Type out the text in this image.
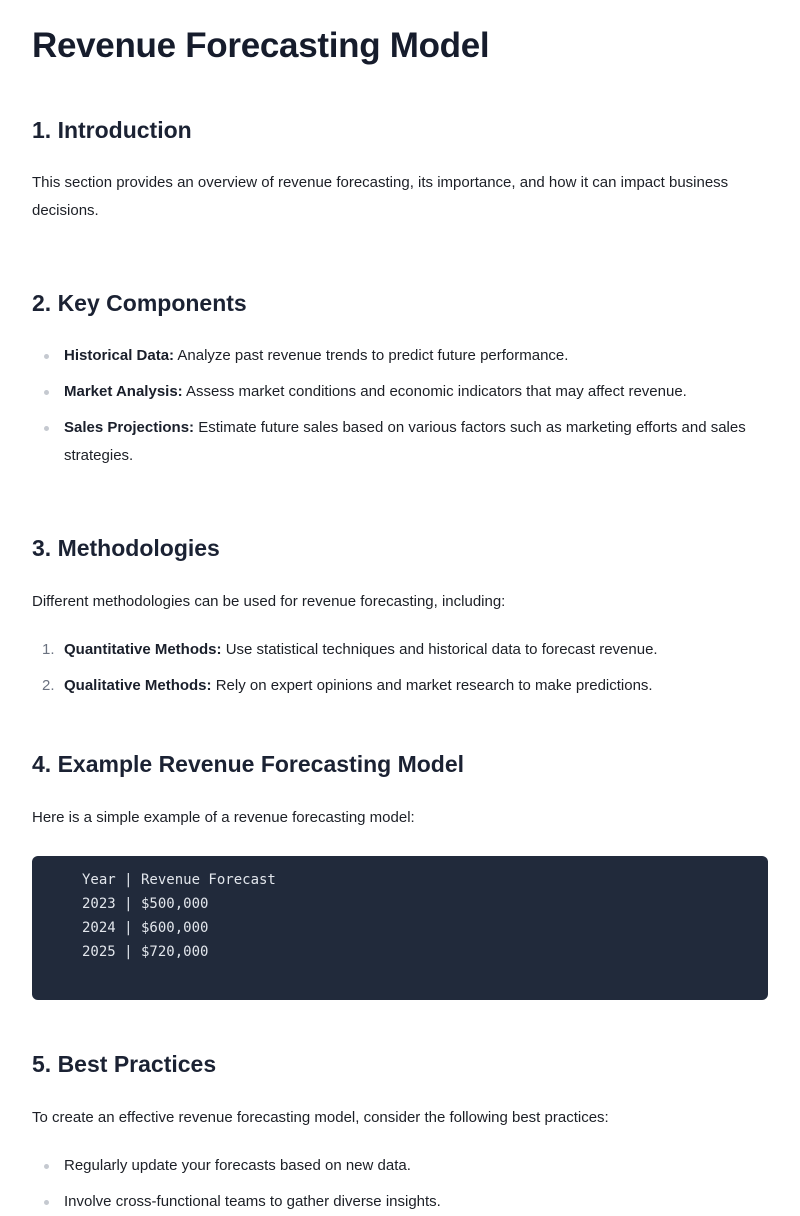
Revenue Forecasting Model
1. Introduction

This section provides an overview of revenue forecasting, its importance, and how it can impact business decisions.

2. Key Components
Historical Data: Analyze past revenue trends to predict future performance.
Market Analysis: Assess market conditions and economic indicators that may affect revenue.
Sales Projections: Estimate future sales based on various factors such as marketing efforts and sales strategies.
3. Methodologies

Different methodologies can be used for revenue forecasting, including:

1. Quantitative Methods: Use statistical techniques and historical data to forecast revenue.
2. Qualitative Methods: Rely on expert opinions and market research to make predictions.
4. Example Revenue Forecasting Model

Here is a simple example of a revenue forecasting model:

Year | Revenue Forecast
2023 | $500,000
2024 | $600,000
2025 | $720,000
5. Best Practices

To create an effective revenue forecasting model, consider the following best practices:

Regularly update your forecasts based on new data.
Involve cross-functional teams to gather diverse insights.
